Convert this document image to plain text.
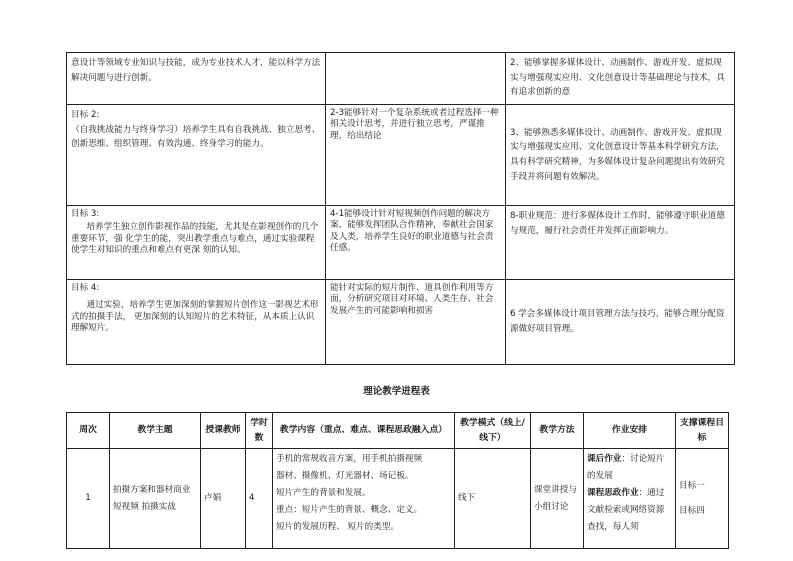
意设计等领域专业知识与技能，成为专业技术人才，能以科学方法解决问题与进行创新。		2、能够掌握多媒体设计、动画制作、游戏开发、虚拟现实与增强现实应用、文化创意设计等基础理论与技术，具有追求创新的意

目标 2:
（自我挑战能力与终身学习）培养学生具有自我挑战、独立思考、创新思维、组织管理、有效沟通、终身学习的能力。	2-3能够针对一个复杂系统或者过程选择一种相关设计思考，并进行独立思考，严谨推理，给出结论	3、能够熟悉多媒体设计、动画制作、游戏开发、虚拟现实与增强现实应用、文化创意设计等基本科学研究方法，具有科学研究精神，为多媒体设计复杂问题提出有效研究手段并将问题有效解决。

目标 3:
培养学生独立创作影视作品的技能，尤其是在影视创作的几个重要环节，强 化学生的能，突出教学重点与难点，通过实验课程使学生对知识的重点和难点有更深 刻的认知。	4-1能够设计针对短视频创作问题的解决方案，能够发挥团队合作精神，奉献社会国家及人类，培养学生良好的职业道德与社会责任感。	8-职业规范：进行多媒体设计工作时，能够遵守职业道德与规范，履行社会责任并发挥正面影响力。

目标 4:
通过实验，培养学生更加深刻的掌握短片创作这一影视艺术形式的拍摄手法， 更加深刻的认知短片的艺术特征，从本质上认识理解短片。	能针对实际的短片制作、道具创作利用等方面，分析研究项目对环境、人类生存、社会发展产生的可能影响和损害	6 学会多媒体设计项目管理方法与技巧，能够合理分配资源做好项目管理。
理论教学进程表
周次	教学主题	授课教师	学时数	教学内容（重点、难点、课程思政融入点）	教学模式（线上/线下）	教学方法	作业安排	支撑课程目标
1	拍摄方案和器材商业短视频 拍摄实战	卢娟	4	手机的常规收音方案，用手机拍摄视频
器材、摄像机、灯光器材、场记板。
短片产生的背景和发展。
重点：短片产生的背景、概念、定义。
短片的发展历程、 短片的类型。	线下	课堂讲授与小组讨论	课后作业：讨论短片的发展
课程思政作业：通过文献检索或网络资源查找，每人须	目标一
目标四
